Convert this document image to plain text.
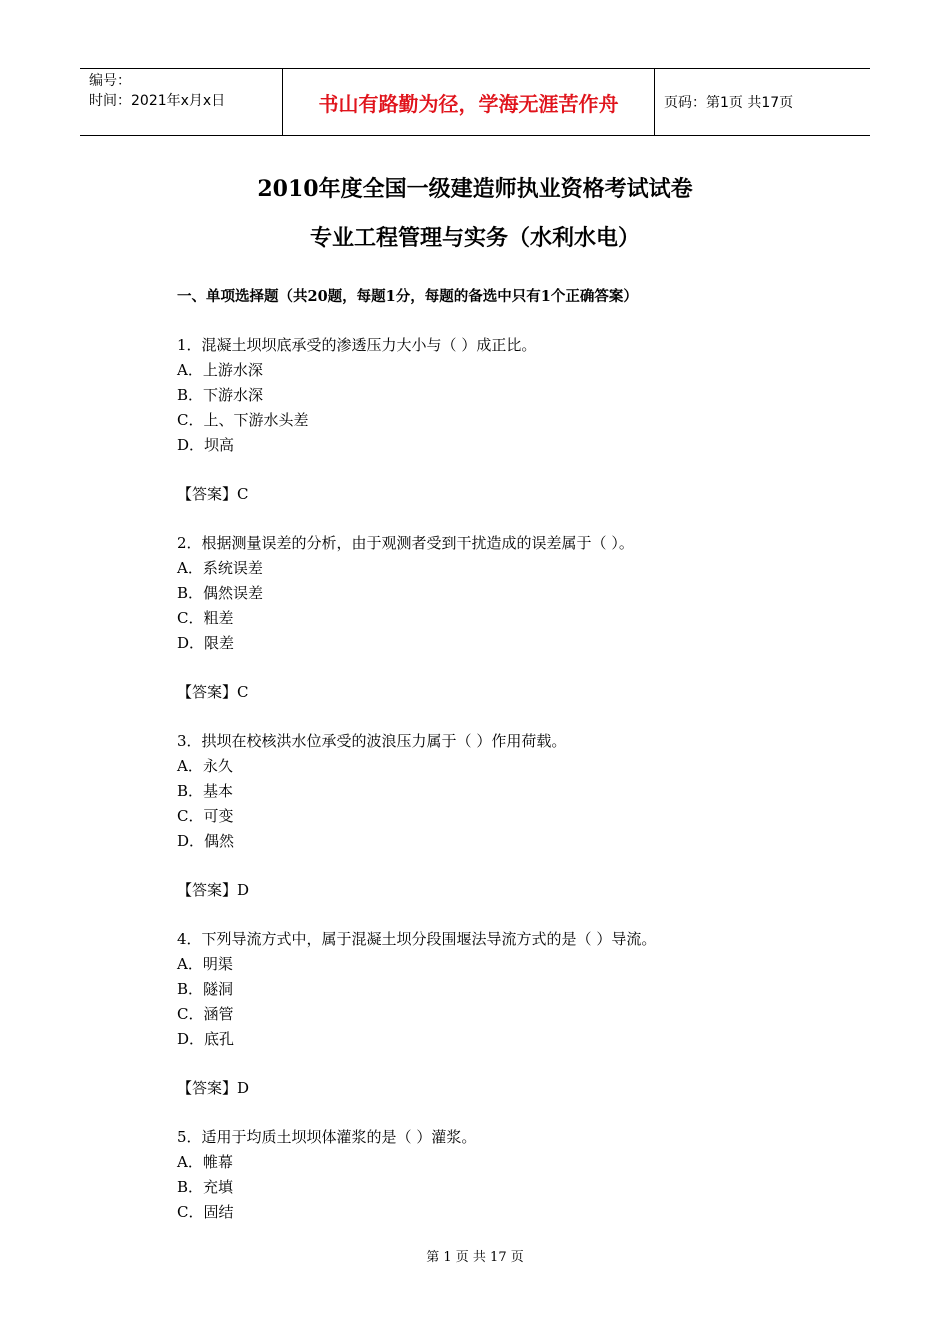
编号：
时间：2021年x月x日	书山有路勤为径，学海无涯苦作舟	页码：第1页 共17页
2010年度全国一级建造师执业资格考试试卷
专业工程管理与实务（水利水电）
一、单项选择题（共20题，每题1分，每题的备选中只有1个正确答案）
1．混凝土坝坝底承受的渗透压力大小与（ ）成正比。
A．上游水深
B．下游水深
C．上、下游水头差
D．坝高
【答案】C
2．根据测量误差的分析，由于观测者受到干扰造成的误差属于（ ）。
A．系统误差
B．偶然误差
C．粗差
D．限差
【答案】C
3．拱坝在校核洪水位承受的波浪压力属于（ ）作用荷载。
A．永久
B．基本
C．可变
D．偶然
【答案】D
4．下列导流方式中，属于混凝土坝分段围堰法导流方式的是（ ）导流。
A．明渠
B．隧洞
C．涵管
D．底孔
【答案】D
5．适用于均质土坝坝体灌浆的是（ ）灌浆。
A．帷幕
B．充填
C．固结
第 1 页 共 17 页
